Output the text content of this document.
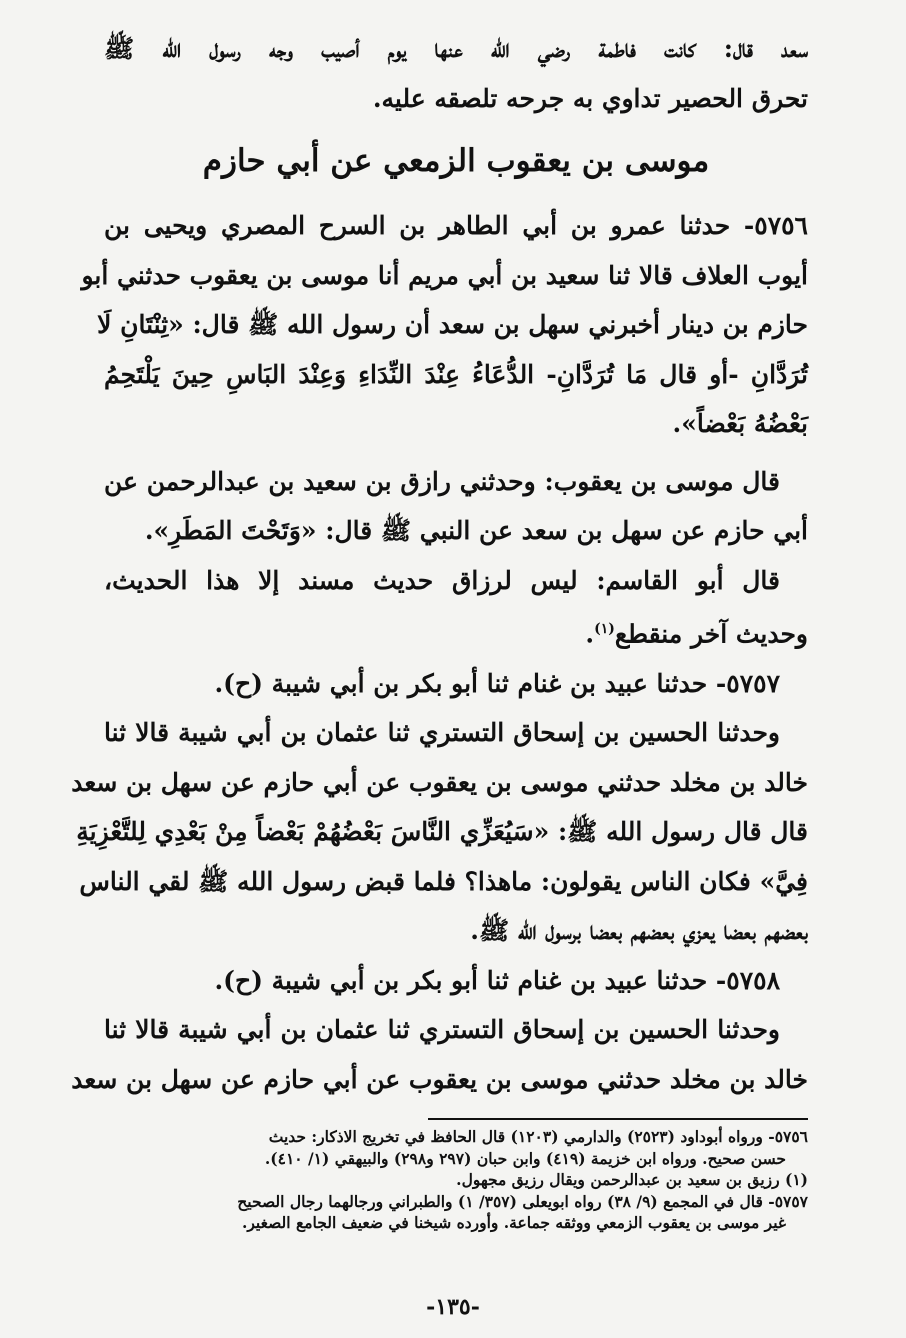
سعد قال: كانت فاطمة رضي الله عنها يوم أصيب وجه رسول الله ﷺ
تحرق الحصير تداوي به جرحه تلصقه عليه.
موسى بن يعقوب الزمعي عن أبي حازم
٥٧٥٦- حدثنا عمرو بن أبي الطاهر بن السرح المصري ويحيى بن
أيوب العلاف قالا ثنا سعيد بن أبي مريم أنا موسى بن يعقوب حدثني أبو
حازم بن دينار أخبرني سهل بن سعد أن رسول الله ﷺ قال: «ثِنْتَانِ لَا
تُرَدَّانِ -أو قال مَا تُرَدَّانِ- الدُّعَاءُ عِنْدَ النِّدَاءِ وَعِنْدَ البَاسِ حِينَ يَلْتَحِمُ
بَعْضُهُ بَعْضاً».
قال موسى بن يعقوب: وحدثني رازق بن سعيد بن عبدالرحمن عن
أبي حازم عن سهل بن سعد عن النبي ﷺ قال: «وَتَحْتَ المَطَرِ».
قال أبو القاسم: ليس لرزاق حديث مسند إلا هذا الحديث،
وحديث آخر منقطع$^{(١)}$.
٥٧٥٧- حدثنا عبيد بن غنام ثنا أبو بكر بن أبي شيبة (ح).
وحدثنا الحسين بن إسحاق التستري ثنا عثمان بن أبي شيبة قالا ثنا
خالد بن مخلد حدثني موسى بن يعقوب عن أبي حازم عن سهل بن سعد
قال قال رسول الله ﷺ: «سَيُعَزِّي النَّاسَ بَعْضُهُمْ بَعْضاً مِنْ بَعْدِي لِلتَّعْزِيَةِ
فِيَّ» فكان الناس يقولون: ماهذا؟ فلما قبض رسول الله ﷺ لقي الناس
بعضهم بعضا يعزي بعضهم بعضا برسول الله ﷺ.
٥٧٥٨- حدثنا عبيد بن غنام ثنا أبو بكر بن أبي شيبة (ح).
وحدثنا الحسين بن إسحاق التستري ثنا عثمان بن أبي شيبة قالا ثنا
خالد بن مخلد حدثني موسى بن يعقوب عن أبي حازم عن سهل بن سعد
٥٧٥٦- ورواه أبوداود (٢٥٢٣) والدارمي (١٢٠٣) قال الحافظ في تخريج الاذكار: حديث
حسن صحيح. ورواه ابن خزيمة (٤١٩) وابن حبان (٢٩٧ و٢٩٨) والبيهقي (١/ ٤١٠).
(١) رزيق بن سعيد بن عبدالرحمن ويقال رزيق مجهول.
٥٧٥٧- قال في المجمع (٩/ ٣٨) رواه ابويعلى (٣٥٧/ ١) والطبراني ورجالهما رجال الصحيح
غير موسى بن يعقوب الزمعي ووثقه جماعة. وأورده شيخنا في ضعيف الجامع الصغير.
-١٣٥-
